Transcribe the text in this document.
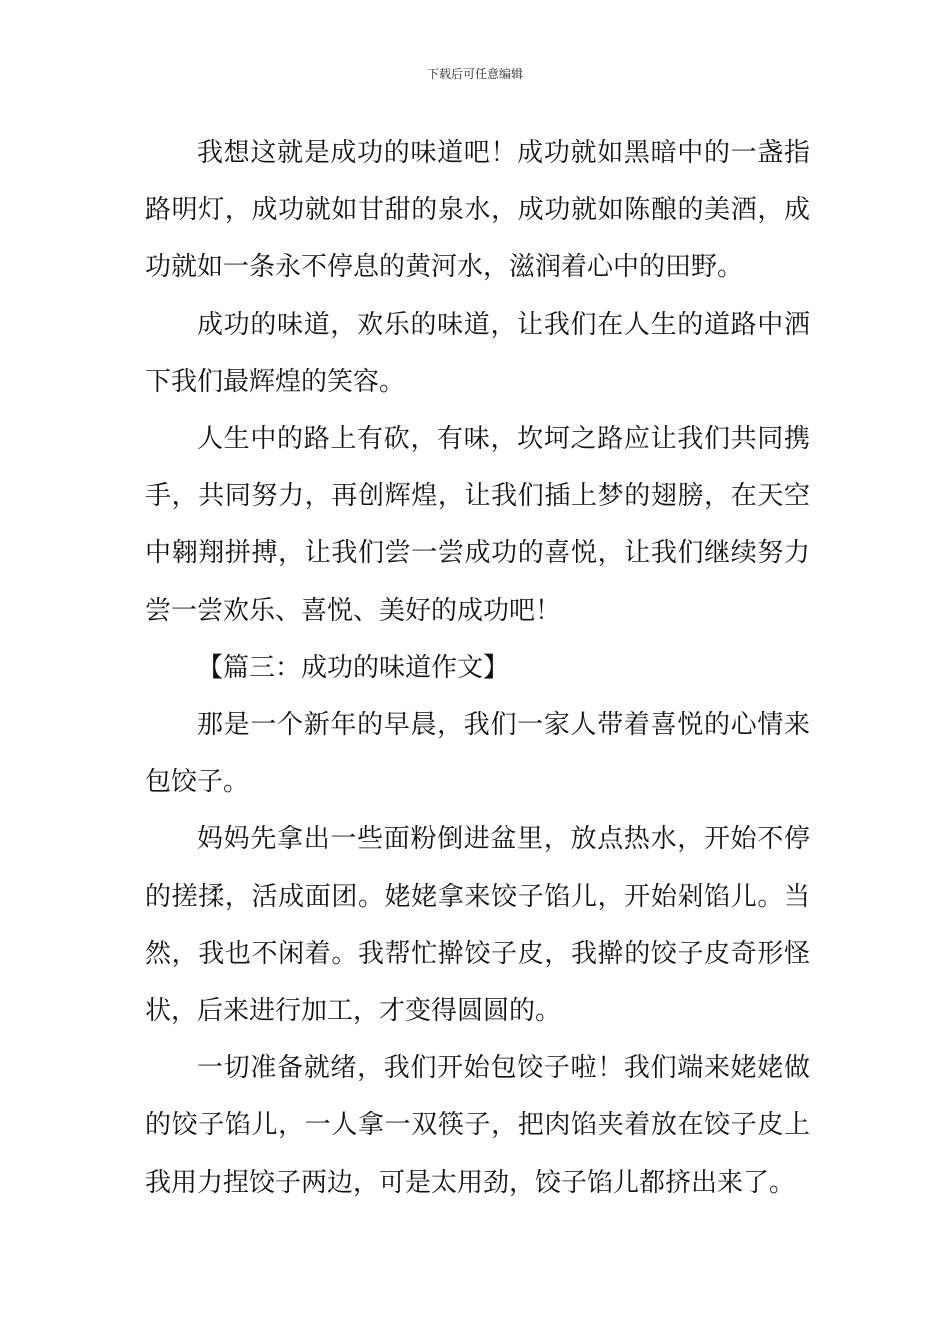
下载后可任意编辑

我想这就是成功的味道吧！成功就如黑暗中的一盏指路明灯，成功就如甘甜的泉水，成功就如陈酿的美酒，成功就如一条永不停息的黄河水，滋润着心中的田野。

成功的味道，欢乐的味道，让我们在人生的道路中洒下我们最辉煌的笑容。

人生中的路上有砍，有味，坎坷之路应让我们共同携手，共同努力，再创辉煌，让我们插上梦的翅膀，在天空中翱翔拼搏，让我们尝一尝成功的喜悦，让我们继续努力尝一尝欢乐、喜悦、美好的成功吧！

【篇三：成功的味道作文】

那是一个新年的早晨，我们一家人带着喜悦的心情来包饺子。

妈妈先拿出一些面粉倒进盆里，放点热水，开始不停的搓揉，活成面团。姥姥拿来饺子馅儿，开始剁馅儿。当然，我也不闲着。我帮忙擀饺子皮，我擀的饺子皮奇形怪状，后来进行加工，才变得圆圆的。

一切准备就绪，我们开始包饺子啦！我们端来姥姥做的饺子馅儿，一人拿一双筷子，把肉馅夹着放在饺子皮上我用力捏饺子两边，可是太用劲，饺子馅儿都挤出来了。
